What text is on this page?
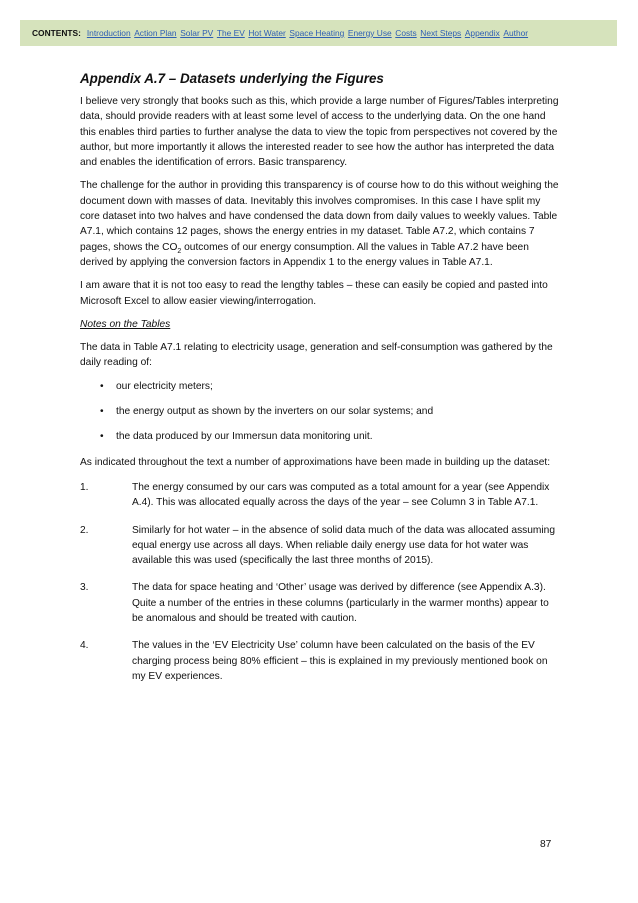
CONTENTS: Introduction Action Plan Solar PV The EV Hot Water Space Heating Energy Use Costs Next Steps Appendix Author
Appendix A.7 – Datasets underlying the Figures

I believe very strongly that books such as this, which provide a large number of Figures/Tables interpreting data, should provide readers with at least some level of access to the underlying data. On the one hand this enables third parties to further analyse the data to view the topic from perspectives not covered by the author, but more importantly it allows the interested reader to see how the author has interpreted the data and enables the identification of errors. Basic transparency.

The challenge for the author in providing this transparency is of course how to do this without weighing the document down with masses of data. Inevitably this involves compromises. In this case I have split my core dataset into two halves and have condensed the data down from daily values to weekly values. Table A7.1, which contains 12 pages, shows the energy entries in my dataset. Table A7.2, which contains 7 pages, shows the $CO_2$ outcomes of our energy consumption. All the values in Table A7.2 have been derived by applying the conversion factors in Appendix 1 to the energy values in Table A7.1.

I am aware that it is not too easy to read the lengthy tables – these can easily be copied and pasted into Microsoft Excel to allow easier viewing/interrogation.

Notes on the Tables

The data in Table A7.1 relating to electricity usage, generation and self-consumption was gathered by the daily reading of:

• our electricity meters;
• the energy output as shown by the inverters on our solar systems; and
• the data produced by our Immersun data monitoring unit.

As indicated throughout the text a number of approximations have been made in building up the dataset:

1.	The energy consumed by our cars was computed as a total amount for a year (see Appendix A.4). This was allocated equally across the days of the year – see Column 3 in Table A7.1.
2.	Similarly for hot water – in the absence of solid data much of the data was allocated assuming equal energy use across all days. When reliable daily energy use data for hot water was available this was used (specifically the last three months of 2015).
3.	The data for space heating and ‘Other’ usage was derived by difference (see Appendix A.3). Quite a number of the entries in these columns (particularly in the warmer months) appear to be anomalous and should be treated with caution.
4.	The values in the ‘EV Electricity Use’ column have been calculated on the basis of the EV charging process being 80% efficient – this is explained in my previously mentioned book on my EV experiences.
87
